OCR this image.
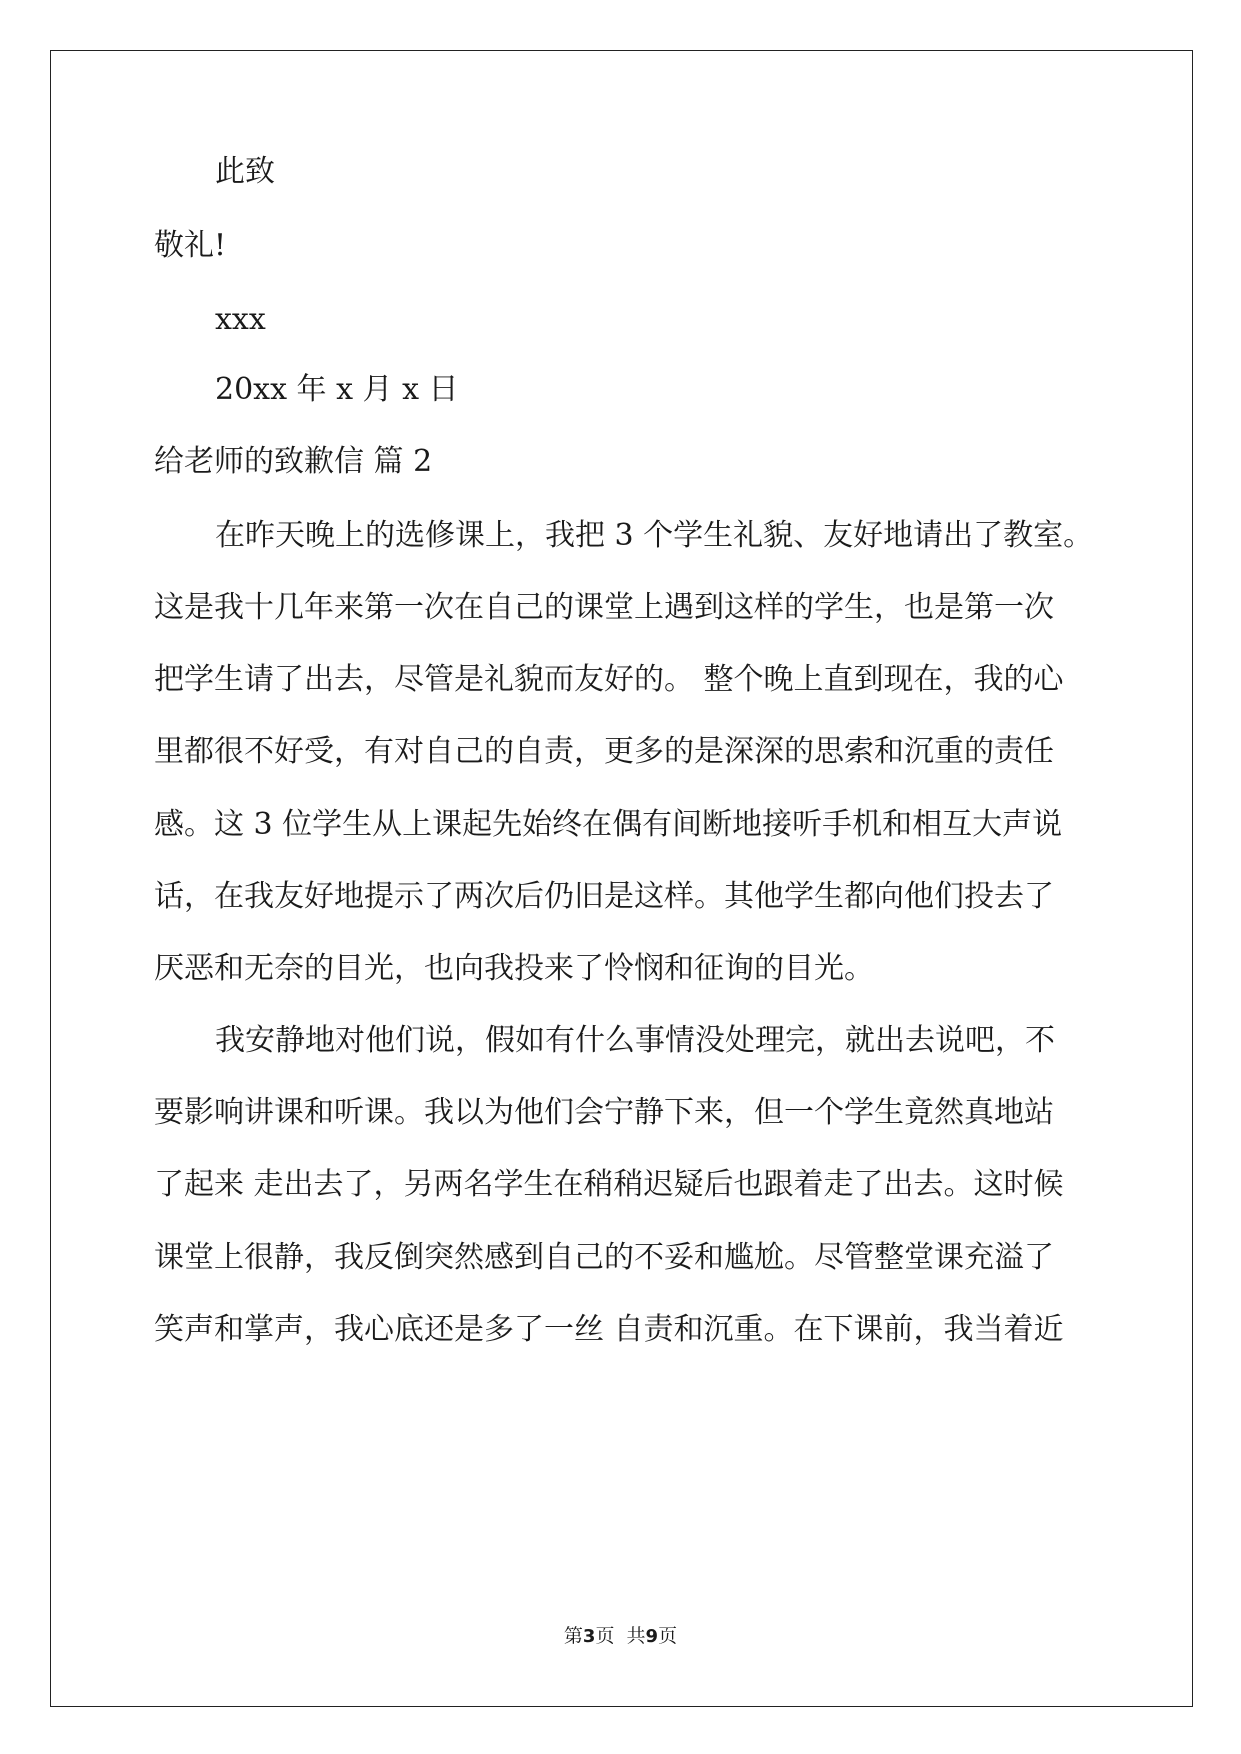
此致
敬礼!
xxx
20xx 年 x 月 x 日
给老师的致歉信 篇 2
在昨天晚上的选修课上，我把 3 个学生礼貌、友好地请出了教室。
这是我十几年来第一次在自己的课堂上遇到这样的学生，也是第一次
把学生请了出去，尽管是礼貌而友好的。 整个晚上直到现在，我的心
里都很不好受，有对自己的自责，更多的是深深的思索和沉重的责任
感。这 3 位学生从上课起先始终在偶有间断地接听手机和相互大声说
话，在我友好地提示了两次后仍旧是这样。其他学生都向他们投去了
厌恶和无奈的目光，也向我投来了怜悯和征询的目光。
我安静地对他们说，假如有什么事情没处理完，就出去说吧，不
要影响讲课和听课。我以为他们会宁静下来，但一个学生竟然真地站
了起来 走出去了，另两名学生在稍稍迟疑后也跟着走了出去。这时候
课堂上很静，我反倒突然感到自己的不妥和尴尬。尽管整堂课充溢了
笑声和掌声，我心底还是多了一丝 自责和沉重。在下课前，我当着近
第3页  共9页
